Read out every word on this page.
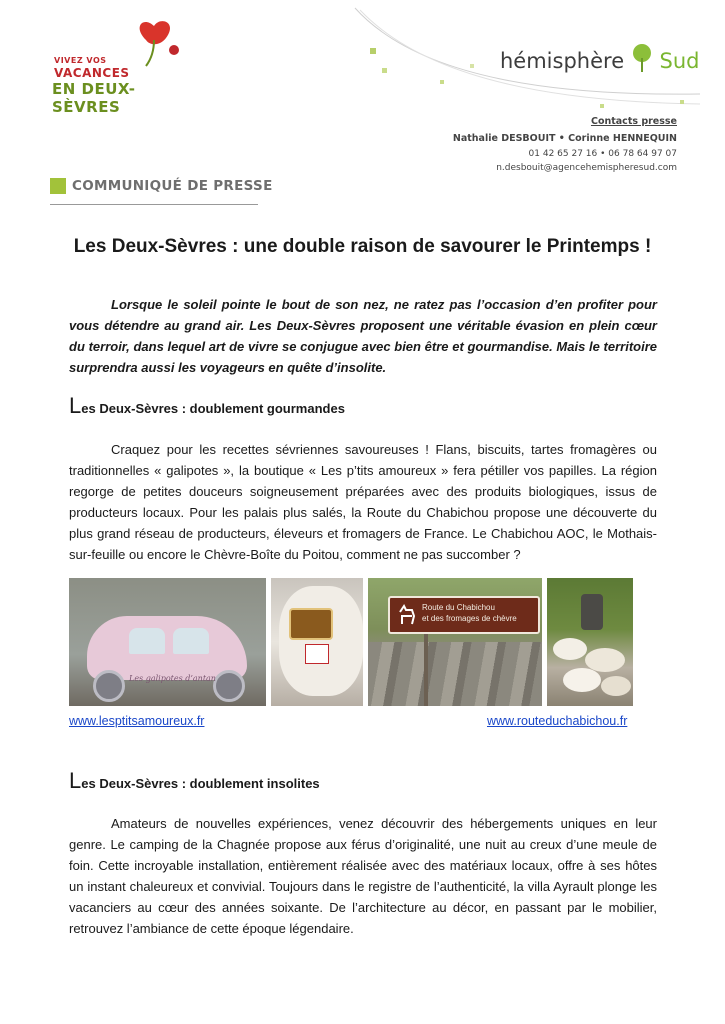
VIVEZ VOS
VACANCES
EN DEUX-SÈVRES
hémisphère Sud
Contacts presse
Nathalie DESBOUIT • Corinne HENNEQUIN
01 42 65 27 16 • 06 78 64 97 07
n.desbouit@agencehemispheresud.com
COMMUNIQUÉ DE PRESSE
Les Deux-Sèvres : une double raison de savourer le Printemps !
Lorsque le soleil pointe le bout de son nez, ne ratez pas l’occasion d’en profiter pour vous détendre au grand air. Les Deux-Sèvres proposent une véritable évasion en plein cœur du terroir, dans lequel art de vivre se conjugue avec bien être et gourmandise. Mais le territoire surprendra aussi les voyageurs en quête d’insolite.
Les Deux-Sèvres : doublement gourmandes
Craquez pour les recettes sévriennes savoureuses ! Flans, biscuits, tartes fromagères ou traditionnelles « galipotes », la boutique « Les p’tits amoureux » fera pétiller vos papilles. La région regorge de petites douceurs soigneusement préparées avec des produits biologiques, issus de producteurs locaux. Pour les palais plus salés, la Route du Chabichou propose une découverte du plus grand réseau de producteurs, éleveurs et fromagers de France. Le Chabichou AOC, le Mothais-sur-feuille ou encore le Chèvre-Boîte du Poitou, comment ne pas succomber ?
Les galipotes d’antan
Route du Chabichou
et des fromages de chèvre
www.lesptitsamoureux.fr	www.routeduchabichou.fr
Les Deux-Sèvres : doublement insolites
Amateurs de nouvelles expériences, venez découvrir des hébergements uniques en leur genre. Le camping de la Chagnée propose aux férus d’originalité, une nuit au creux d’une meule de foin. Cette incroyable installation, entièrement réalisée avec des matériaux locaux, offre à ses hôtes un instant chaleureux et convivial. Toujours dans le registre de l’authenticité, la villa Ayrault plonge les vacanciers au cœur des années soixante. De l’architecture au décor, en passant par le mobilier, retrouvez l’ambiance de cette époque légendaire.
